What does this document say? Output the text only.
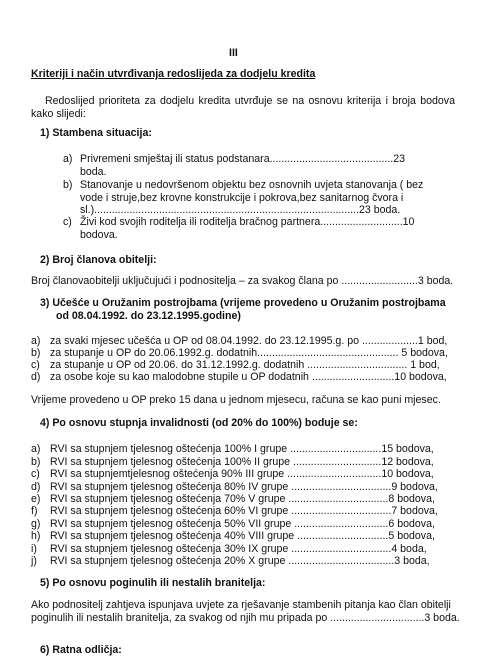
III
Kriteriji i način utvrđivanja redoslijeda za dodjelu kredita
Redoslijed prioriteta za dodjelu kredita utvrđuje se na osnovu kriterija i broja bodova kako slijedi:
1) Stambena situacija:
a) Privremeni smještaj ili status podstanara..........................................23
boda.
b) Stanovanje u nedovršenom objektu bez osnovnih uvjeta stanovanja ( bez
vode i struje,bez krovne konstrukcije i pokrova,bez sanitarnog čvora i
sl.)..........................................................................................23 boda.
c) Živi kod svojih roditelja ili roditelja bračnog partnera............................10
bodova.
2) Broj članova obitelji:
Broj članovaobitelji uključujući i podnositelja – za svakog člana po ..........................3 boda.
3) Učešće u Oružanim postrojbama (vrijeme provedeno u Oružanim postrojbama
od 08.04.1992. do 23.12.1995.godine)
a) za svaki mjesec učešća u OP od 08.04.1992. do 23.12.1995.g. po ...................1 bod,
b) za stupanje u OP do 20.06.1992.g. dodatnih................................................ 5 bodova,
c) za stupanje u OP od 20.06. do 31.12.1992.g. dodatnih .................................. 1 bod,
d) za osobe koje su kao malodobne stupile u OP dodatnih ............................10 bodova,
Vrijeme provedeno u OP preko 15 dana u jednom mjesecu, računa se kao puni mjesec.
4) Po osnovu stupnja invalidnosti (od 20% do 100%) boduje se:
a) RVI sa stupnjem tjelesnog oštećenja 100% I grupe ...............................15 bodova,
b) RVI sa stupnjem tjelesnog oštećenja 100% II grupe ..............................12 bodova,
c) RVI sa stupnjemtjelesnog oštećenja 90% III grupe ................................10 bodova,
d) RVI sa stupnjem tjelesnog oštećenja 80% IV grupe ..................................9 bodova,
e) RVI sa stupnjem tjelesnog oštećenja 70% V grupe ..................................8 bodova,
f) RVI sa stupnjem tjelesnog oštećenja 60% VI grupe ..................................7 bodova,
g) RVI sa stupnjem tjelesnog oštećenja 50% VII grupe ................................6 bodova,
h) RVI sa stupnjem tjelesnog oštećenja 40% VIII grupe ...............................5 bodova,
i) RVI sa stupnjem tjelesnog oštećenja 30% IX grupe ..................................4 boda,
j) RVI sa stupnjem tjelesnog oštećenja 20% X grupe ....................................3 boda,
5) Po osnovu poginulih ili nestalih branitelja:
Ako podnositelj zahtjeva ispunjava uvjete za rješavanje stambenih pitanja kao član obitelji
poginulih ili nestalih branitelja, za svakog od njih mu pripada po ................................3 boda.
6) Ratna odličja:
